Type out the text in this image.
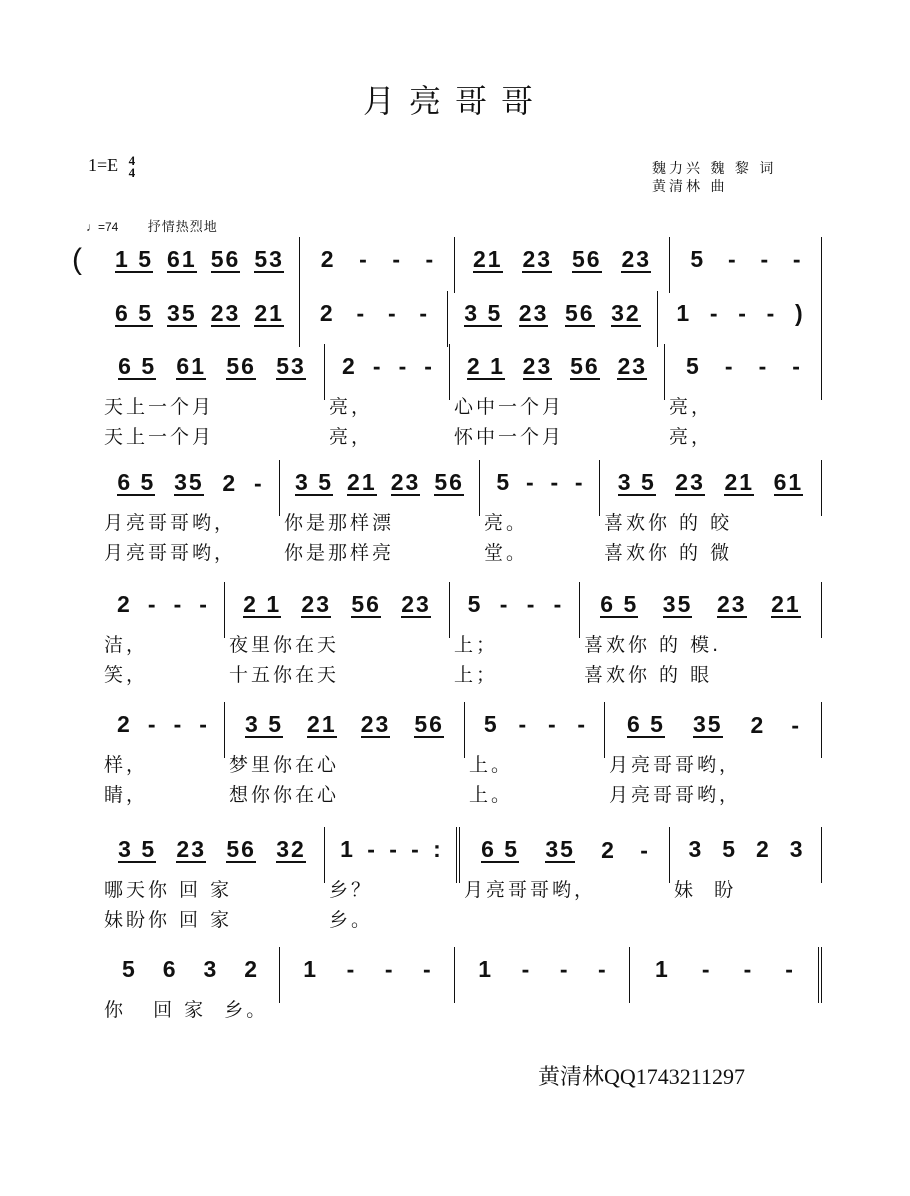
月亮哥哥
1=E 4
4	魏力兴 魏 黎 词
黄清林 曲
♩=74 抒情热烈地
( 1 5 61 56 53 2 - - - 21 23 56 23 5 - - -
6 5 35 23 21 2 - - - 3 5 23 56 32 1 - - - )
6 5 61 56 53
天上一个月
天上一个月
2 - - -
亮，
亮，
2 1 23 56 23
心中一个月
怀中一个月
5 - - -
亮，
亮，
6 5 35 2 -
月亮哥哥哟，
月亮哥哥哟，
3 5 21 23 56
你是那样漂
你是那样亮
5 - - -
亮。
堂。
3 5 23 21 61
喜欢你 的 皎
喜欢你 的 微
2 - - -
洁，
笑，
2 1 23 56 23
夜里你在天
十五你在天
5 - - -
上；
上；
6 5 35 23 21
喜欢你 的 模.
喜欢你 的 眼
2 - - -
样，
睛，
3 5 21 23 56
梦里你在心
想你你在心
5 - - -
上。
上。
6 5 35 2 -
月亮哥哥哟，
月亮哥哥哟，
3 5 23 56 32
哪天你 回 家
妹盼你 回 家
1 - - - :
乡？
乡。
6 5 35 2 -
月亮哥哥哟，
3 5 2 3
妹  盼
5 6 3 2
你   回 家  乡。
1 - - - 1 - - - 1 - - -
黄清林QQ1743211297
